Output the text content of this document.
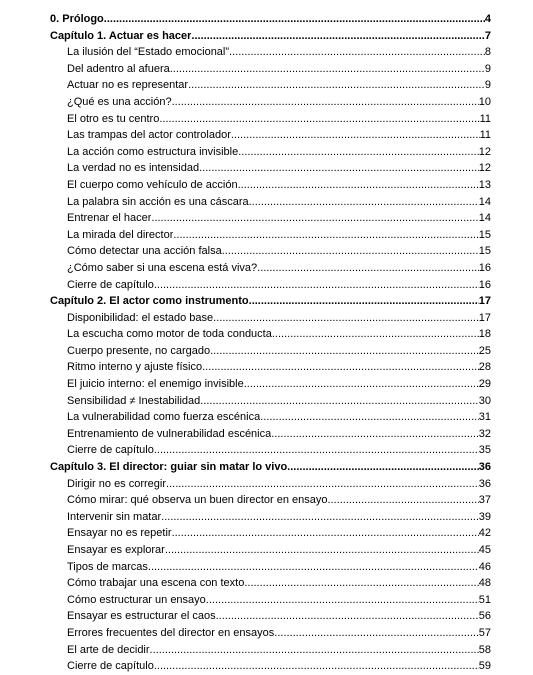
0. Prólogo .....	4
Capítulo 1. Actuar es hacer .....	7
La ilusión del “Estado emocional” .....	8
Del adentro al afuera .....	9
Actuar no es representar .....	9
¿Qué es una acción? .....	10
El otro es tu centro .....	11
Las trampas del actor controlador .....	11
La acción como estructura invisible .....	12
La verdad no es intensidad .....	12
El cuerpo como vehículo de acción .....	13
La palabra sin acción es una cáscara .....	14
Entrenar el hacer .....	14
La mirada del director .....	15
Cómo detectar una acción falsa .....	15
¿Cómo saber si una escena está viva? .....	16
Cierre de capítulo .....	16
Capítulo 2. El actor como instrumento .....	17
Disponibilidad: el estado base .....	17
La escucha como motor de toda conducta .....	18
Cuerpo presente, no cargado .....	25
Ritmo interno y ajuste físico .....	28
El juicio interno: el enemigo invisible .....	29
Sensibilidad ≠ Inestabilidad .....	30
La vulnerabilidad como fuerza escénica .....	31
Entrenamiento de vulnerabilidad escénica .....	32
Cierre de capítulo .....	35
Capítulo 3. El director: guiar sin matar lo vivo .....	36
Dirigir no es corregir .....	36
Cómo mirar: qué observa un buen director en ensayo .....	37
Intervenir sin matar .....	39
Ensayar no es repetir .....	42
Ensayar es explorar .....	45
Tipos de marcas .....	46
Cómo trabajar una escena con texto .....	48
Cómo estructurar un ensayo .....	51
Ensayar es estructurar el caos .....	56
Errores frecuentes del director en ensayos .....	57
El arte de decidir .....	58
Cierre de capítulo .....	59
